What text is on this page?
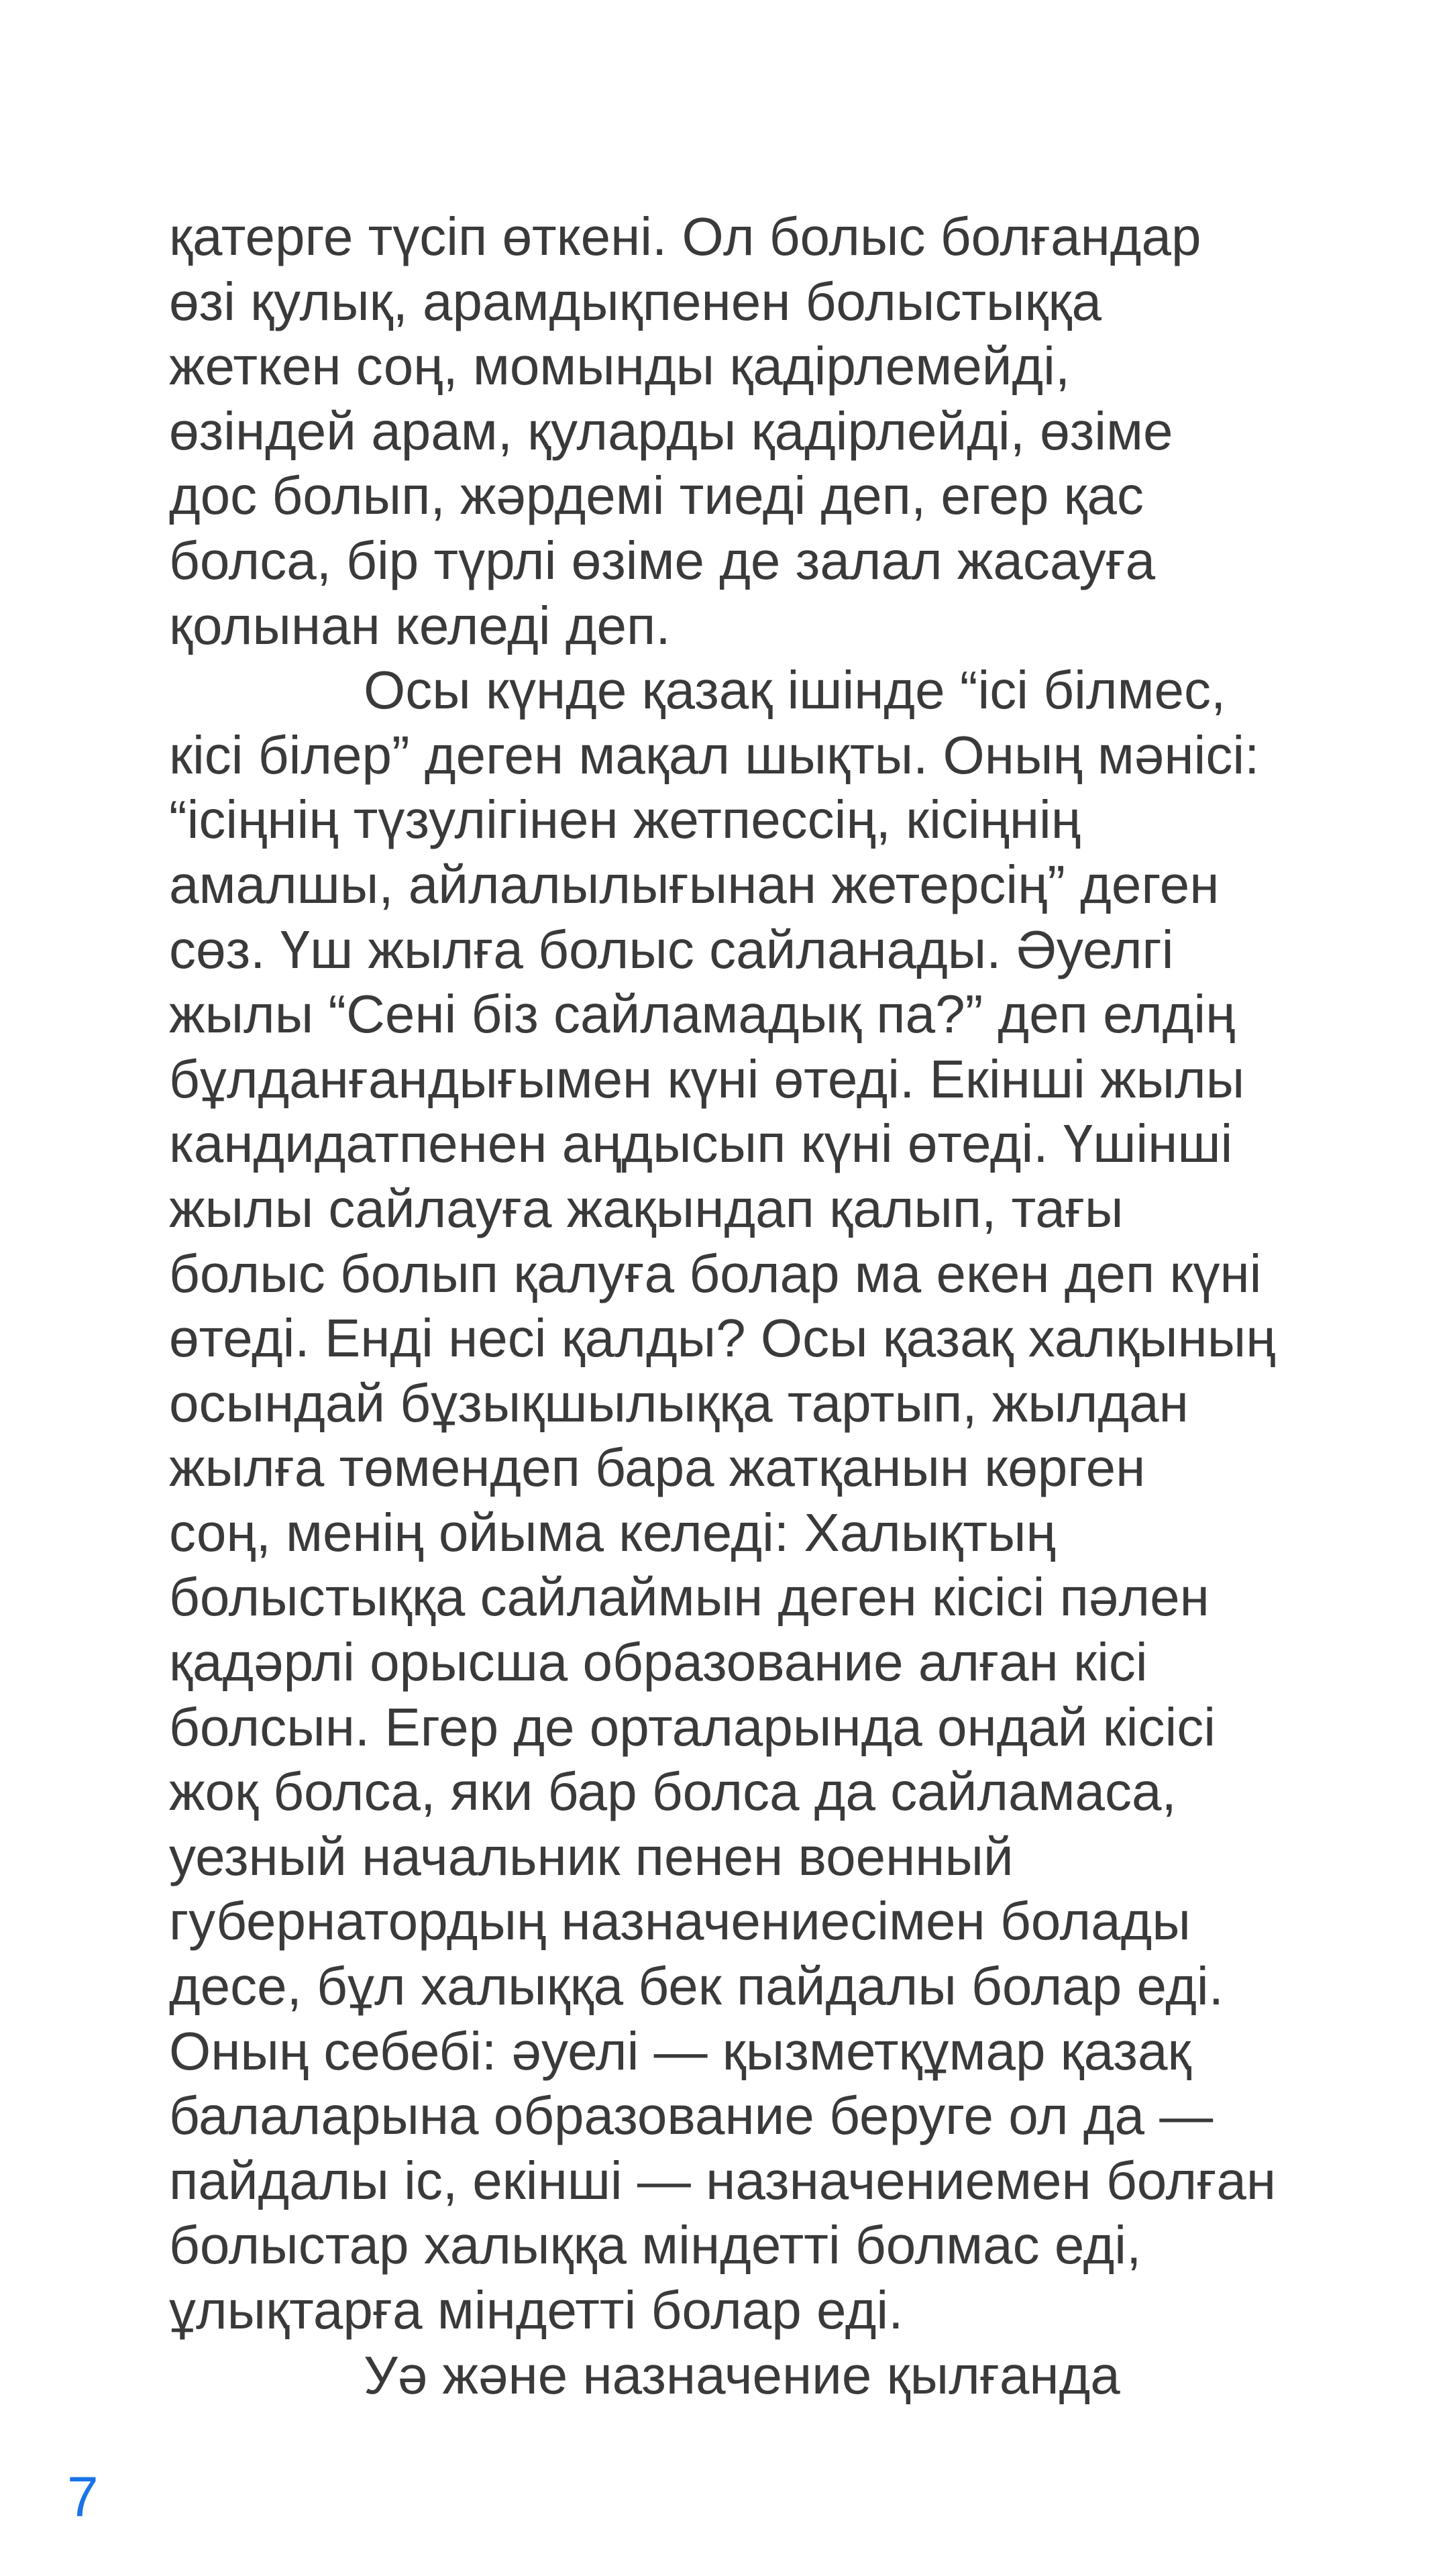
қатерге түсіп өткені. Ол болыс болғандар
өзі қулық, арамдықпенен болыстыққа
жеткен соң, момынды қадірлемейді,
өзіндей арам, қуларды қадірлейді, өзіме
дос болып, жәрдемі тиеді деп, егер қас
болса, бір түрлі өзіме де залал жасауға
қолынан келеді деп.
Осы күнде қазақ ішінде “ісі білмес,
кісі білер” деген мақал шықты. Оның мәнісі:
“ісіңнің түзулігінен жетпессің, кісіңнің
амалшы, айлалылығынан жетерсің” деген
сөз. Үш жылға болыс сайланады. Әуелгі
жылы “Сені біз сайламадық па?” деп елдің
бұлданғандығымен күні өтеді. Екінші жылы
кандидатпенен аңдысып күні өтеді. Үшінші
жылы сайлауға жақындап қалып, тағы
болыс болып қалуға болар ма екен деп күні
өтеді. Енді несі қалды? Осы қазақ халқының
осындай бұзықшылыққа тартып, жылдан
жылға төмендеп бара жатқанын көрген
соң, менің ойыма келеді: Халықтың
болыстыққа сайлаймын деген кісісі пәлен
қадәрлі орысша образование алған кісі
болсын. Егер де орталарында ондай кісісі
жоқ болса, яки бар болса да сайламаса,
уезный начальник пенен военный
губернатордың назначениесімен болады
десе, бұл халыққа бек пайдалы болар еді.
Оның себебі: әуелі — қызметқұмар қазақ
балаларына образование беруге ол да —
пайдалы іс, екінші — назначениемен болған
болыстар халыққа міндетті болмас еді,
ұлықтарға міндетті болар еді.
Уә және назначение қылғанда
7
